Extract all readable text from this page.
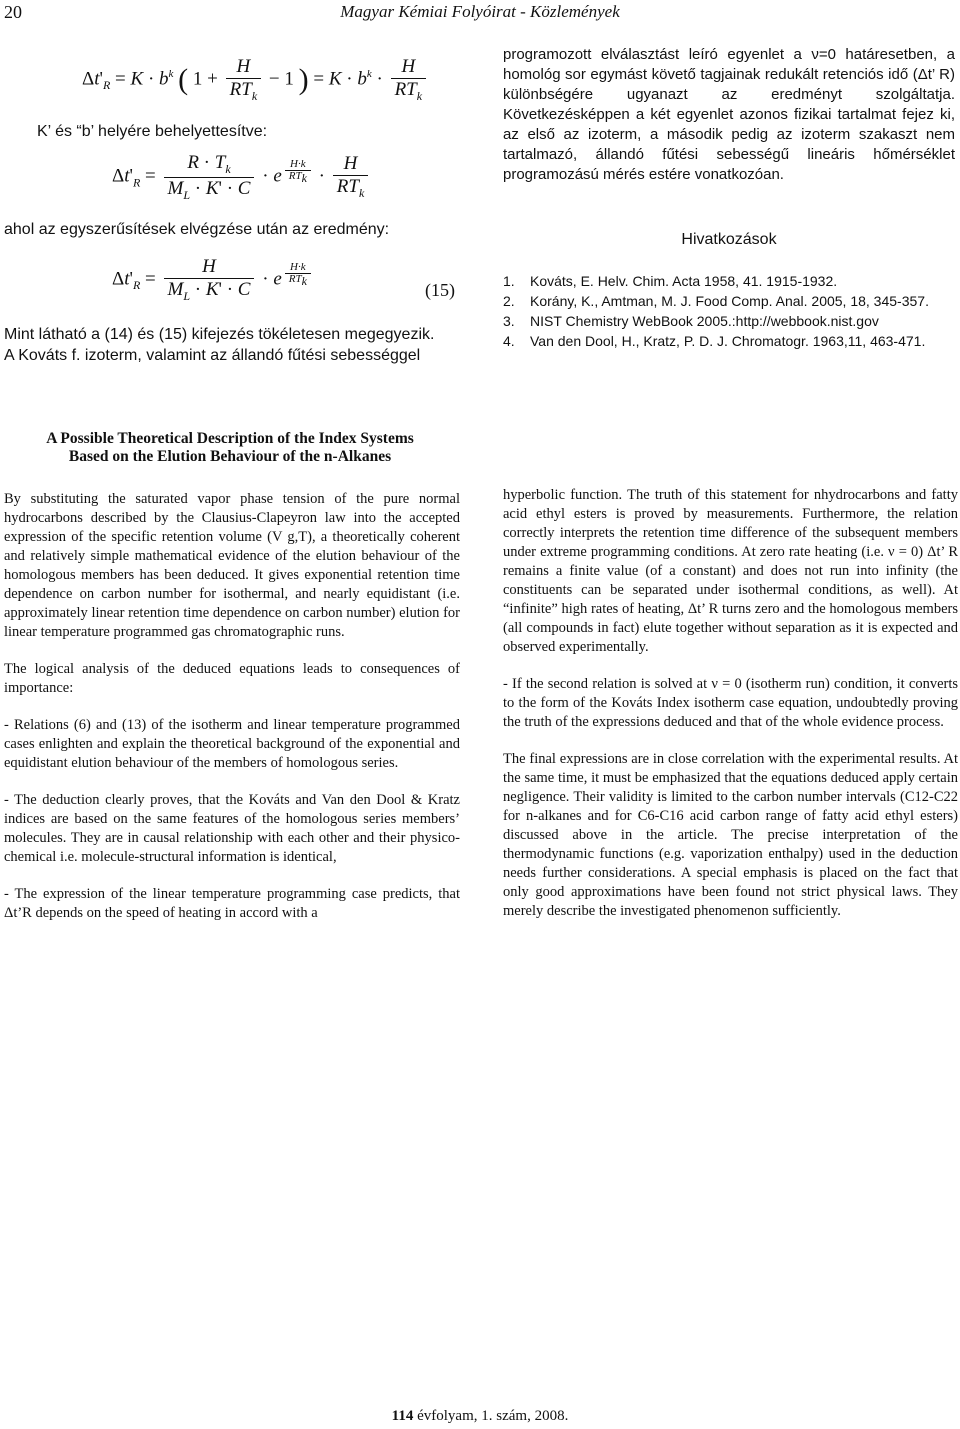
20	Magyar Kémiai Folyóirat - Közlemények
$\Delta t'_R = K \cdot b^k$ ( $1 + \frac{H}{RT_k} - 1$ ) = $K \cdot b^k \cdot \frac{H}{RT_k}$
K’ és “b’ helyére behelyettesítve:
$\Delta t'_R = \frac{R \cdot T_k}{M_L \cdot K' \cdot C} \cdot e$ $^{\frac{H\cdot k}{\text{RTk}}} \cdot \frac{H}{RT_k}$
ahol az egyszerűsítések elvégzése után az eredmény:
$\Delta t'_R = \frac{H}{M_L \cdot K' \cdot C} \cdot e$ $^{\frac{H\cdot k}{\text{RTk}}}$
(15)
Mint látható a (14) és (15) kifejezés tökéletesen megegyezik.
A Kováts f. izoterm, valamint az állandó fűtési sebességgel
programozott elválasztást leíró egyenlet a ν=0 határesetben, a homológ sor egymást követő tagjainak redukált retenciós idő (Δt’ R) különbségére ugyanazt az eredményt szolgáltatja. Következésképpen a két egyenlet azonos fizikai tartalmat fejez ki, az első az izoterm, a második pedig az izoterm szakaszt nem tartalmazó, állandó fűtési sebességű lineáris hőmérséklet programozású mérés estére vonatkozóan.
Hivatkozások
1. Kováts, E. Helv. Chim. Acta 1958, 41. 1915-1932.
2. Korány, K., Amtman, M. J. Food Comp. Anal. 2005, 18, 345-357.
3. NIST Chemistry WebBook 2005.:http://webbook.nist.gov
4. Van den Dool, H., Kratz, P. D. J. Chromatogr. 1963,11, 463-471.
A Possible Theoretical Description of the Index Systems
Based on the Elution Behaviour of the n-Alkanes

By substituting the saturated vapor phase tension of the pure normal hydrocarbons described by the Clausius-Clapeyron law into the accepted expression of the specific retention volume (V g,T), a theoretically coherent and relatively simple mathematical evidence of the elution behaviour of the homologous members has been deduced. It gives exponential retention time dependence on carbon number for isothermal, and nearly equidistant (i.e. approximately linear retention time dependence on carbon number) elution for linear temperature programmed gas chromatographic runs.

The logical analysis of the deduced equations leads to consequences of importance:

- Relations (6) and (13) of the isotherm and linear temperature programmed cases enlighten and explain the theoretical background of the exponential and equidistant elution behaviour of the members of homologous series.

- The deduction clearly proves, that the Kováts and Van den Dool & Kratz indices are based on the same features of the homologous series members’ molecules. They are in causal relationship with each other and their physico-chemical i.e. molecule-structural information is identical,

- The expression of the linear temperature programming case predicts, that Δt’R depends on the speed of heating in accord with a

hyperbolic function. The truth of this statement for nhydrocarbons and fatty acid ethyl esters is proved by measurements. Furthermore, the relation correctly interprets the retention time difference of the subsequent members under extreme programming conditions. At zero rate heating (i.e. ν = 0) Δt’ R remains a finite value (of a constant) and does not run into infinity (the constituents can be separated under isothermal conditions, as well). At “infinite” high rates of heating, Δt’ R turns zero and the homologous members (all compounds in fact) elute together without separation as it is expected and observed experimentally.

- If the second relation is solved at ν = 0 (isotherm run) condition, it converts to the form of the Kováts Index isotherm case equation, undoubtedly proving the truth of the expressions deduced and that of the whole evidence process.

The final expressions are in close correlation with the experimental results. At the same time, it must be emphasized that the equations deduced apply certain negligence. Their validity is limited to the carbon number intervals (C12-C22 for n-alkanes and for C6-C16 acid carbon range of fatty acid ethyl esters) discussed above in the article. The precise interpretation of the thermodynamic functions (e.g. vaporization enthalpy) used in the deduction needs further considerations. A special emphasis is placed on the fact that only good approximations have been found not strict physical laws. They merely describe the investigated phenomenon sufficiently.

114 évfolyam, 1. szám, 2008.
